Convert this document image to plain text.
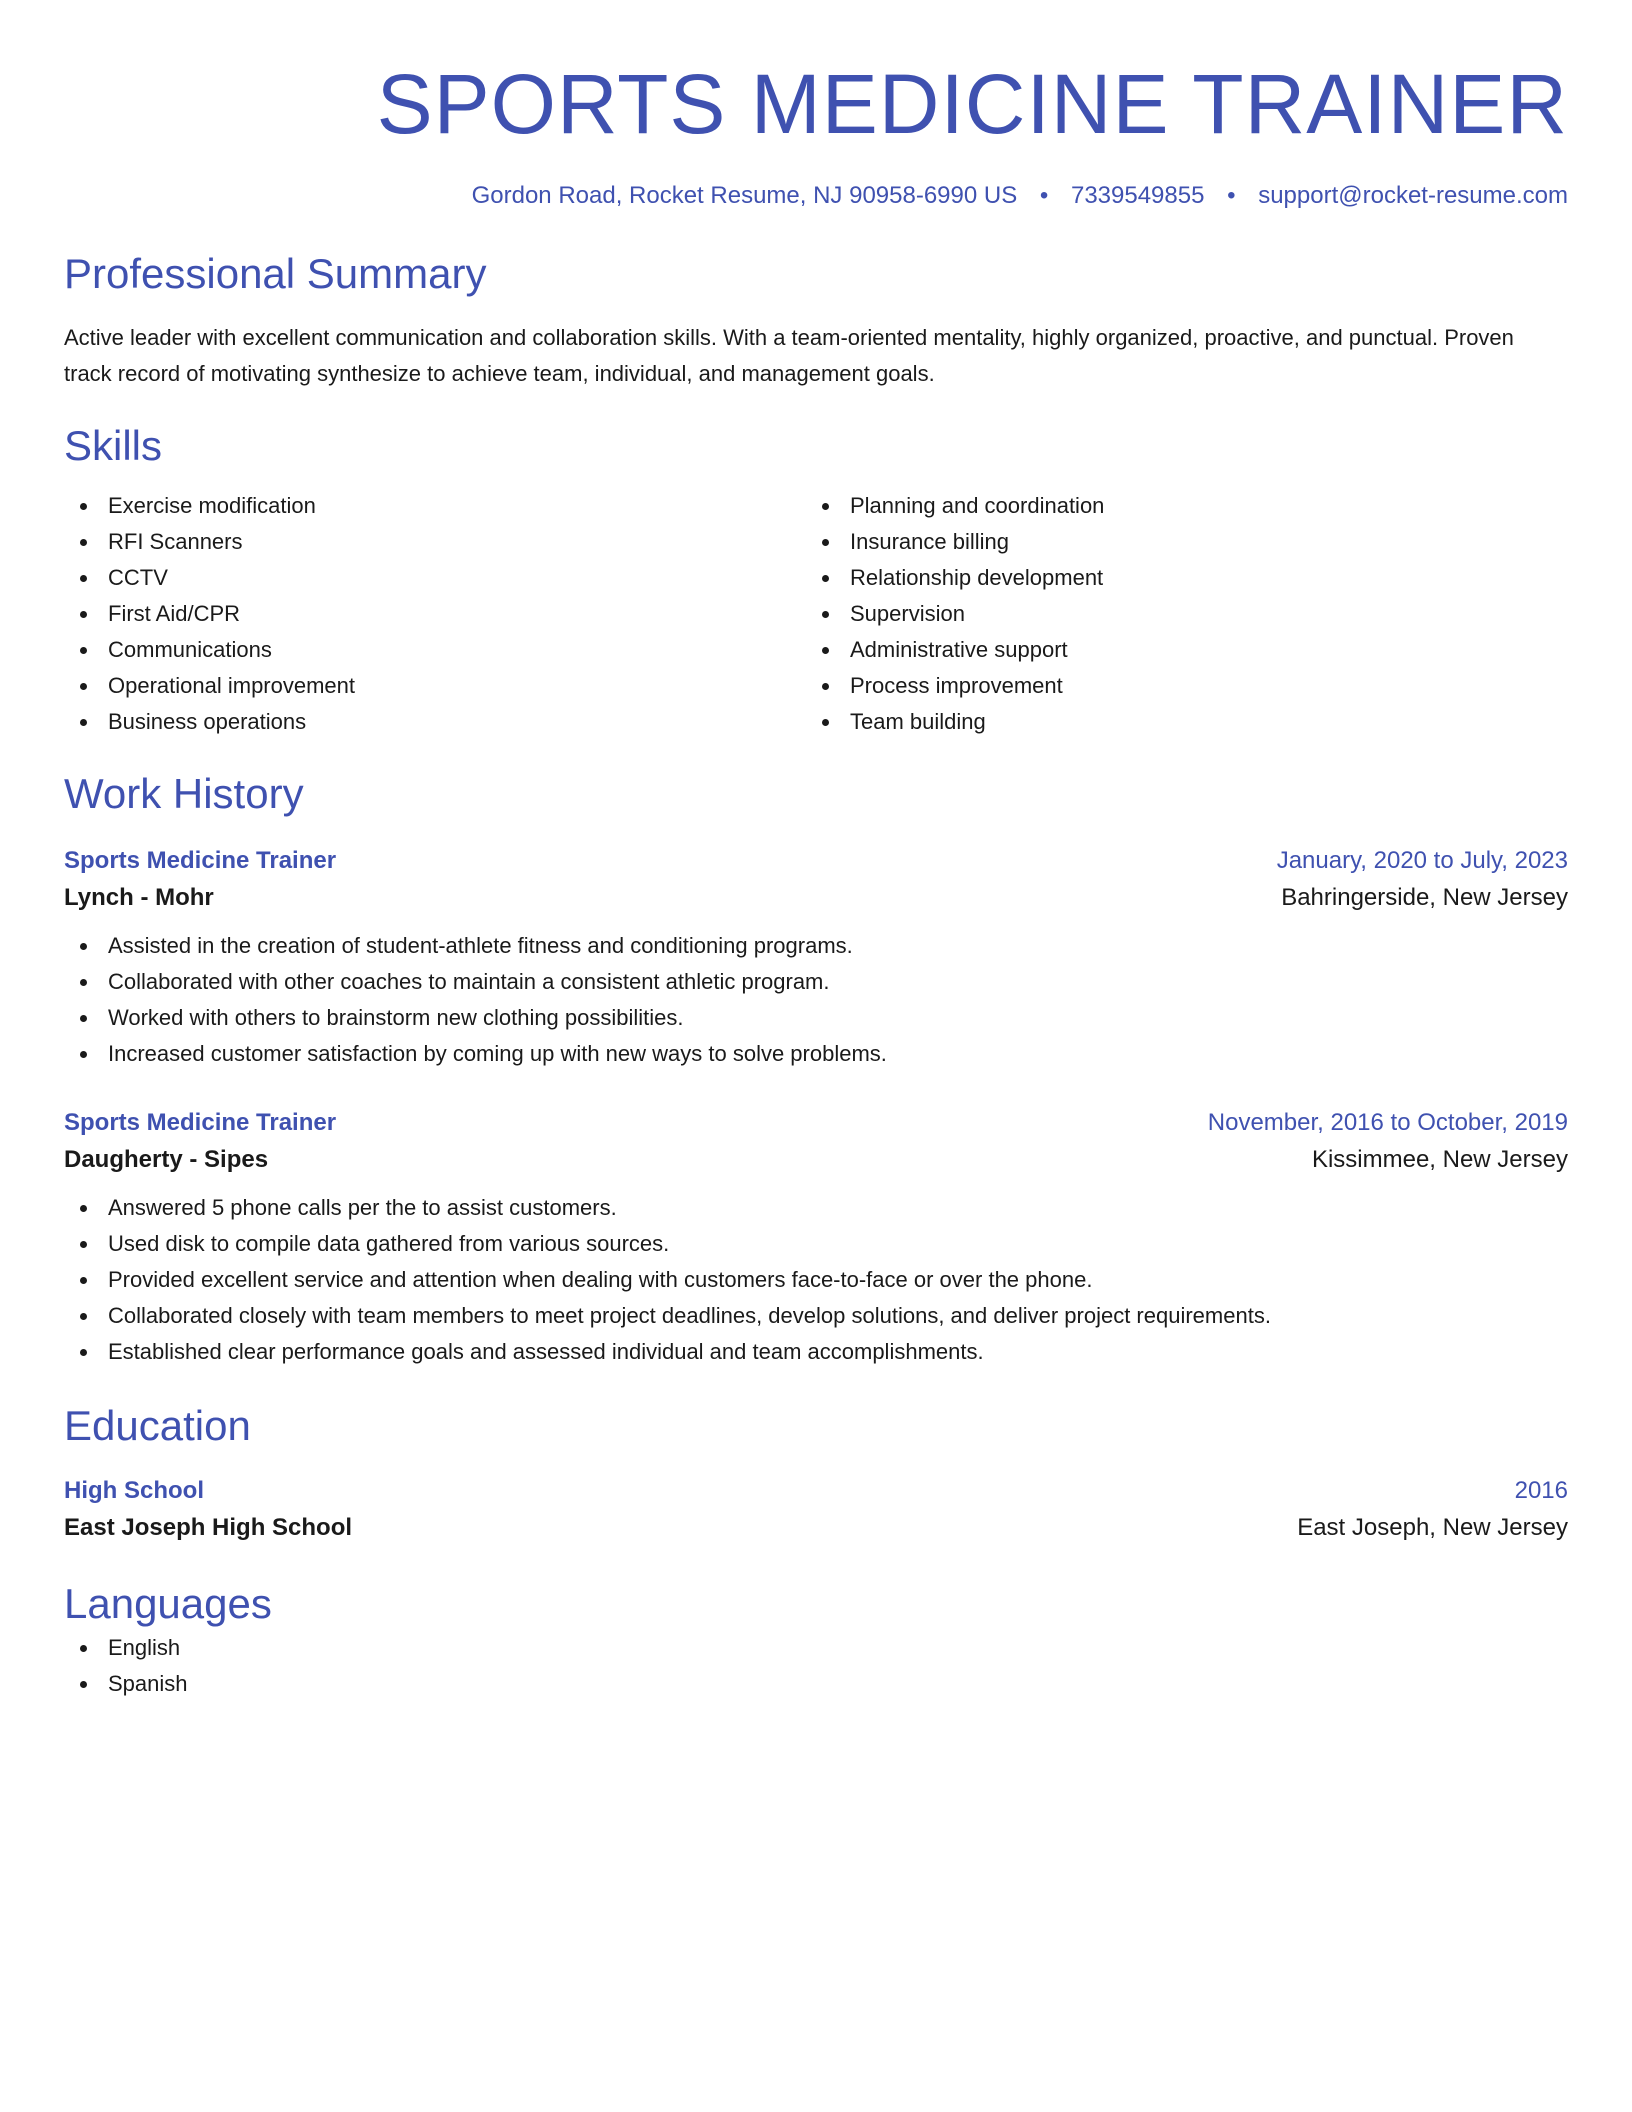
SPORTS MEDICINE TRAINER
Gordon Road, Rocket Resume, NJ 90958-6990 US • 7339549855 • support@rocket-resume.com
Professional Summary
Active leader with excellent communication and collaboration skills. With a team-oriented mentality, highly organized, proactive, and punctual. Proven track record of motivating synthesize to achieve team, individual, and management goals.
Skills
Exercise modification
RFI Scanners
CCTV
First Aid/CPR
Communications
Operational improvement
Business operations
Planning and coordination
Insurance billing
Relationship development
Supervision
Administrative support
Process improvement
Team building
Work History
Sports Medicine Trainer	January, 2020 to July, 2023
Lynch - Mohr	Bahringerside, New Jersey
Assisted in the creation of student-athlete fitness and conditioning programs.
Collaborated with other coaches to maintain a consistent athletic program.
Worked with others to brainstorm new clothing possibilities.
Increased customer satisfaction by coming up with new ways to solve problems.
Sports Medicine Trainer	November, 2016 to October, 2019
Daugherty - Sipes	Kissimmee, New Jersey
Answered 5 phone calls per the to assist customers.
Used disk to compile data gathered from various sources.
Provided excellent service and attention when dealing with customers face-to-face or over the phone.
Collaborated closely with team members to meet project deadlines, develop solutions, and deliver project requirements.
Established clear performance goals and assessed individual and team accomplishments.
Education
High School	2016
East Joseph High School	East Joseph, New Jersey
Languages
English
Spanish
